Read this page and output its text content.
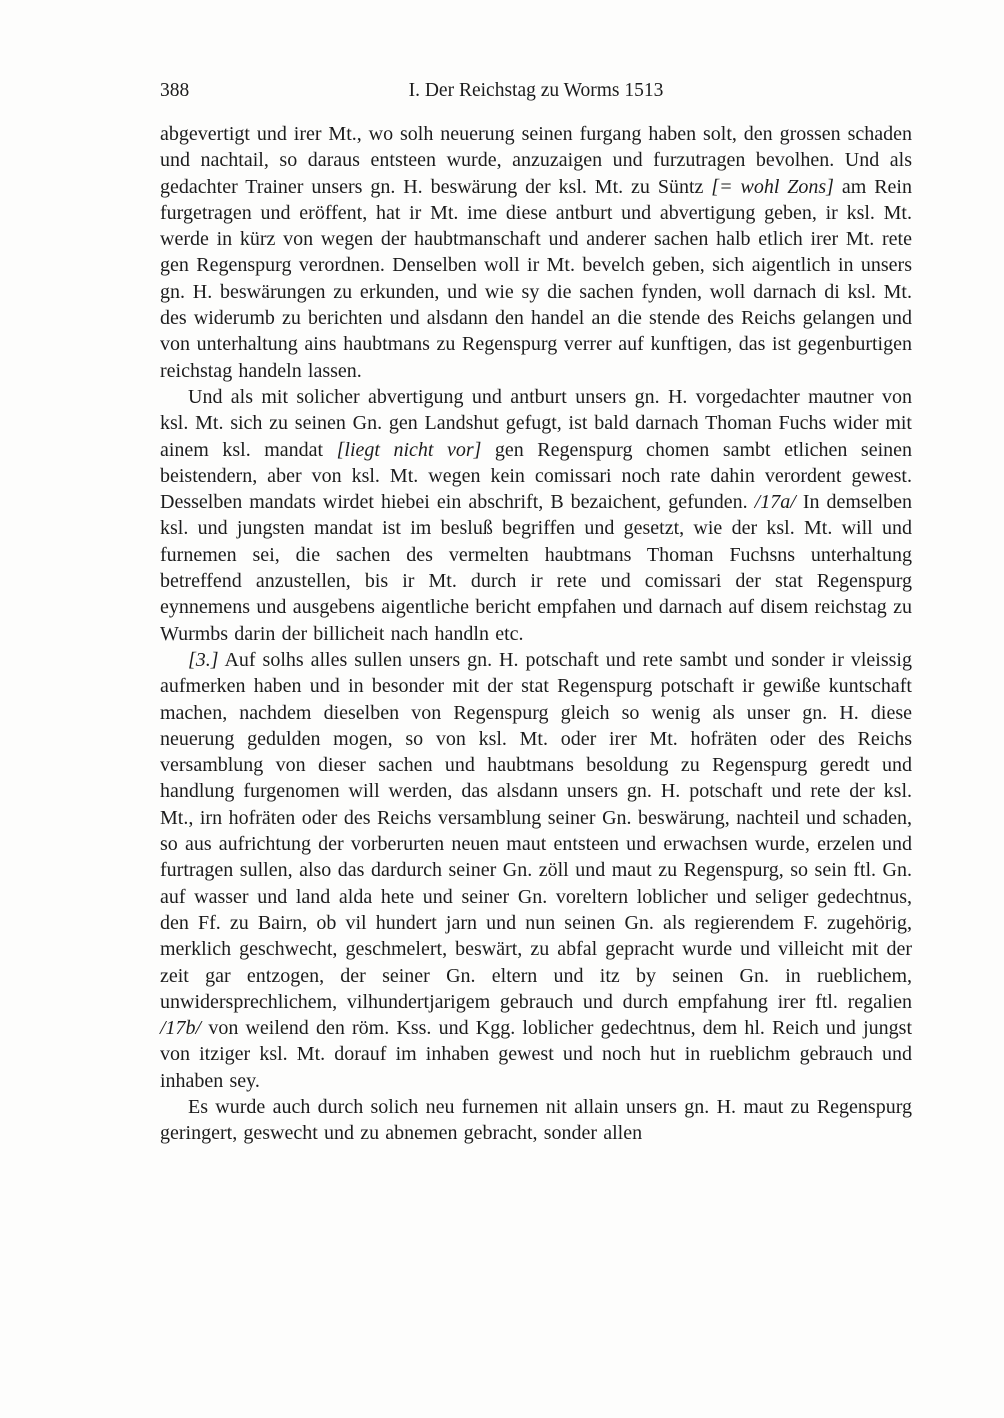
388	I. Der Reichstag zu Worms 1513

abgevertigt und irer Mt., wo solh neuerung seinen furgang haben solt, den grossen schaden und nachtail, so daraus entsteen wurde, anzuzaigen und furzutragen bevolhen. Und als gedachter Trainer unsers gn. H. beswärung der ksl. Mt. zu Süntz [= wohl Zons] am Rein furgetragen und eröffent, hat ir Mt. ime diese antburt und abvertigung geben, ir ksl. Mt. werde in kürz von wegen der haubtmanschaft und anderer sachen halb etlich irer Mt. rete gen Regenspurg verordnen. Denselben woll ir Mt. bevelch geben, sich aigentlich in unsers gn. H. beswärungen zu erkunden, und wie sy die sachen fynden, woll darnach di ksl. Mt. des widerumb zu berichten und alsdann den handel an die stende des Reichs gelangen und von unterhaltung ains haubtmans zu Regenspurg verrer auf kunftigen, das ist gegenburtigen reichstag handeln lassen.

Und als mit solicher abvertigung und antburt unsers gn. H. vorgedachter mautner von ksl. Mt. sich zu seinen Gn. gen Landshut gefugt, ist bald darnach Thoman Fuchs wider mit ainem ksl. mandat [liegt nicht vor] gen Regenspurg chomen sambt etlichen seinen beistendern, aber von ksl. Mt. wegen kein comissari noch rate dahin verordent gewest. Desselben mandats wirdet hiebei ein abschrift, B bezaichent, gefunden. /17a/ In demselben ksl. und jungsten mandat ist im besluß begriffen und gesetzt, wie der ksl. Mt. will und furnemen sei, die sachen des vermelten haubtmans Thoman Fuchsns unterhaltung betreffend anzustellen, bis ir Mt. durch ir rete und comissari der stat Regenspurg eynnemens und ausgebens aigentliche bericht empfahen und darnach auf disem reichstag zu Wurmbs darin der billicheit nach handln etc.

[3.] Auf solhs alles sullen unsers gn. H. potschaft und rete sambt und sonder ir vleissig aufmerken haben und in besonder mit der stat Regenspurg potschaft ir gewiße kuntschaft machen, nachdem dieselben von Regenspurg gleich so wenig als unser gn. H. diese neuerung gedulden mogen, so von ksl. Mt. oder irer Mt. hofräten oder des Reichs versamblung von dieser sachen und haubtmans besoldung zu Regenspurg geredt und handlung furgenomen will werden, das alsdann unsers gn. H. potschaft und rete der ksl. Mt., irn hofräten oder des Reichs versamblung seiner Gn. beswärung, nachteil und schaden, so aus aufrichtung der vorberurten neuen maut entsteen und erwachsen wurde, erzelen und furtragen sullen, also das dardurch seiner Gn. zöll und maut zu Regenspurg, so sein ftl. Gn. auf wasser und land alda hete und seiner Gn. voreltern loblicher und seliger gedechtnus, den Ff. zu Bairn, ob vil hundert jarn und nun seinen Gn. als regierendem F. zugehörig, merklich geschwecht, geschmelert, beswärt, zu abfal gepracht wurde und villeicht mit der zeit gar entzogen, der seiner Gn. eltern und itz by seinen Gn. in rueblichem, unwidersprechlichem, vilhundertjarigem gebrauch und durch empfahung irer ftl. regalien /17b/ von weilend den röm. Kss. und Kgg. loblicher gedechtnus, dem hl. Reich und jungst von itziger ksl. Mt. dorauf im inhaben gewest und noch hut in rueblichm gebrauch und inhaben sey.

Es wurde auch durch solich neu furnemen nit allain unsers gn. H. maut zu Regenspurg geringert, geswecht und zu abnemen gebracht, sonder allen
